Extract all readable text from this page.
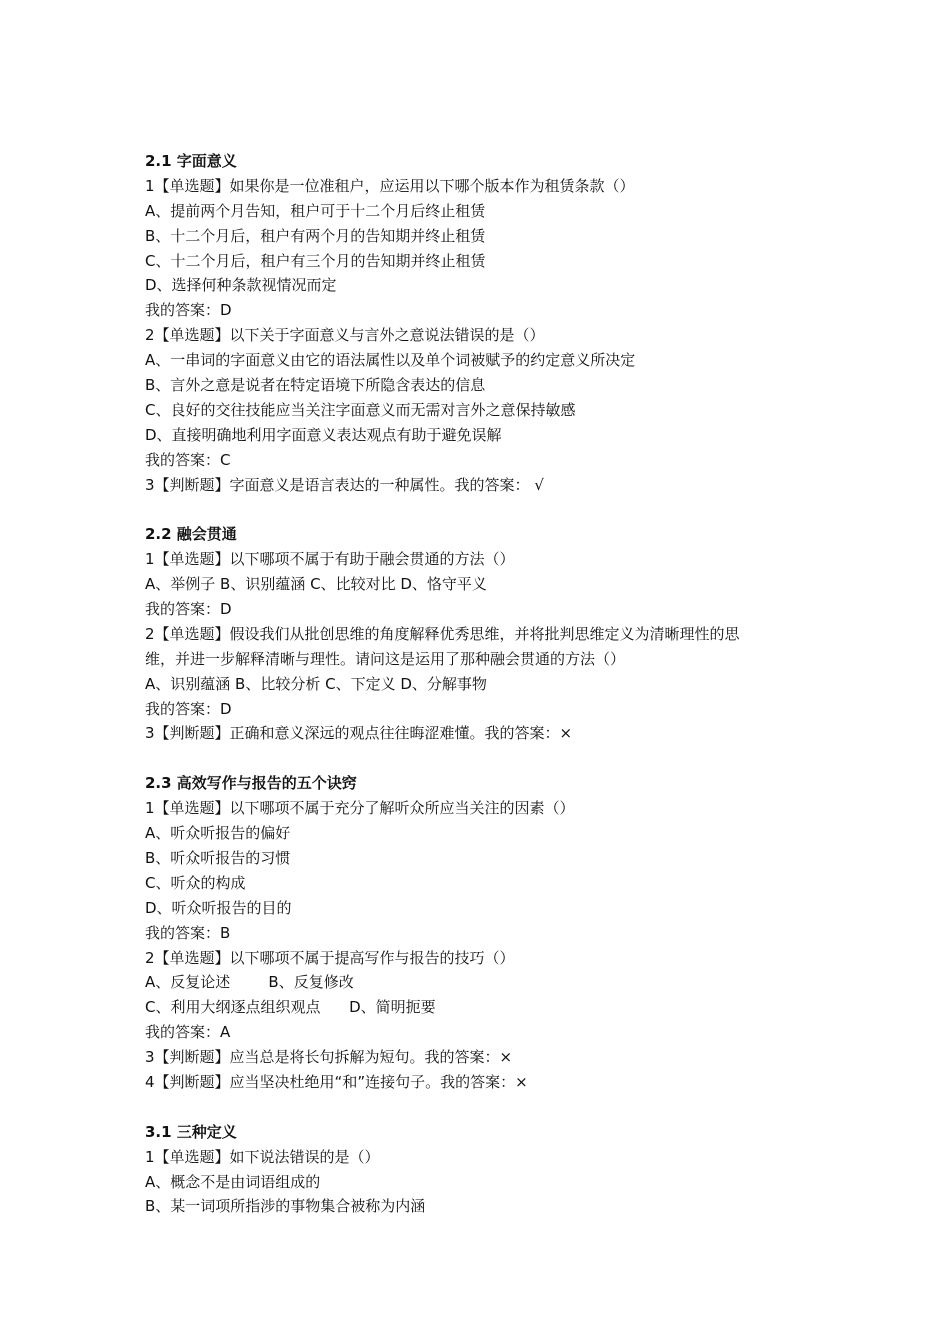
2.1 字面意义
1【单选题】如果你是一位准租户，应运用以下哪个版本作为租赁条款（）
A、提前两个月告知，租户可于十二个月后终止租赁
B、十二个月后，租户有两个月的告知期并终止租赁
C、十二个月后，租户有三个月的告知期并终止租赁
D、选择何种条款视情况而定
我的答案：D
2【单选题】以下关于字面意义与言外之意说法错误的是（）
A、一串词的字面意义由它的语法属性以及单个词被赋予的约定意义所决定
B、言外之意是说者在特定语境下所隐含表达的信息
C、良好的交往技能应当关注字面意义而无需对言外之意保持敏感
D、直接明确地利用字面意义表达观点有助于避免误解
我的答案：C
3【判断题】字面意义是语言表达的一种属性。我的答案： √
2.2 融会贯通
1【单选题】以下哪项不属于有助于融会贯通的方法（）
A、举例子 B、识别蕴涵 C、比较对比 D、恪守平义
我的答案：D
2【单选题】假设我们从批创思维的角度解释优秀思维，并将批判思维定义为清晰理性的思
维，并进一步解释清晰与理性。请问这是运用了那种融会贯通的方法（）
A、识别蕴涵 B、比较分析 C、下定义 D、分解事物
我的答案：D
3【判断题】正确和意义深远的观点往往晦涩难懂。我的答案：×
2.3 高效写作与报告的五个诀窍
1【单选题】以下哪项不属于充分了解听众所应当关注的因素（）
A、听众听报告的偏好
B、听众听报告的习惯
C、听众的构成
D、听众听报告的目的
我的答案：B
2【单选题】以下哪项不属于提高写作与报告的技巧（）
A、反复论述        B、反复修改
C、利用大纲逐点组织观点      D、简明扼要
我的答案：A
3【判断题】应当总是将长句拆解为短句。我的答案：×
4【判断题】应当坚决杜绝用“和”连接句子。我的答案：×
3.1 三种定义
1【单选题】如下说法错误的是（）
A、概念不是由词语组成的
B、某一词项所指涉的事物集合被称为内涵
